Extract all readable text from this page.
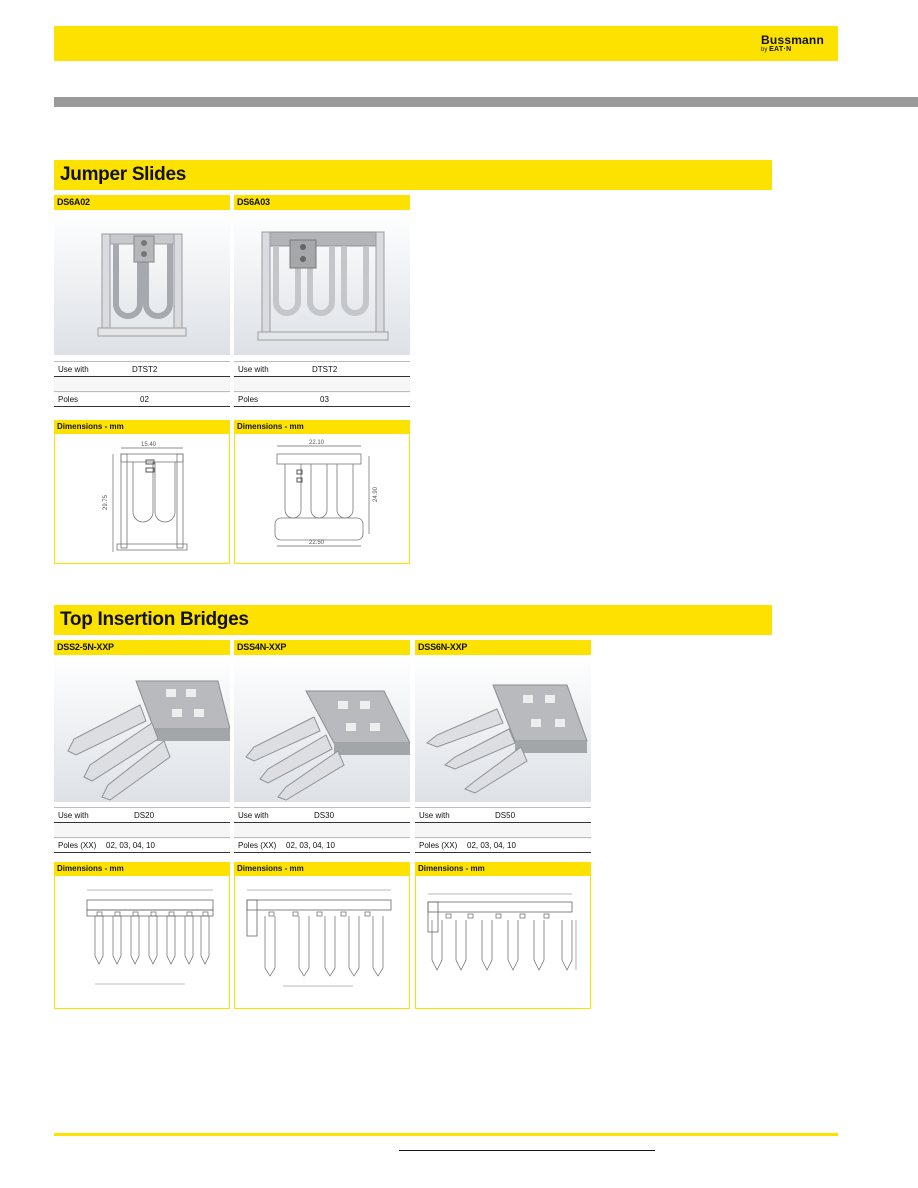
Bussmann
by EAT·N
Jumper Slides
DS6A02
Use with	DTST2
Poles	02
Dimensions - mm
15.40
29.75
DS6A03
Use with	DTST2
Poles	03
Dimensions - mm
22.10
24.90
22.50
Top Insertion Bridges
DSS2-5N-XXP
Use with	DS20
Poles (XX) 02, 03, 04, 10
Dimensions - mm
DSS4N-XXP
Use with	DS30
Poles (XX) 02, 03, 04, 10
Dimensions - mm
DSS6N-XXP
Use with	DS50
Poles (XX) 02, 03, 04, 10
Dimensions - mm
